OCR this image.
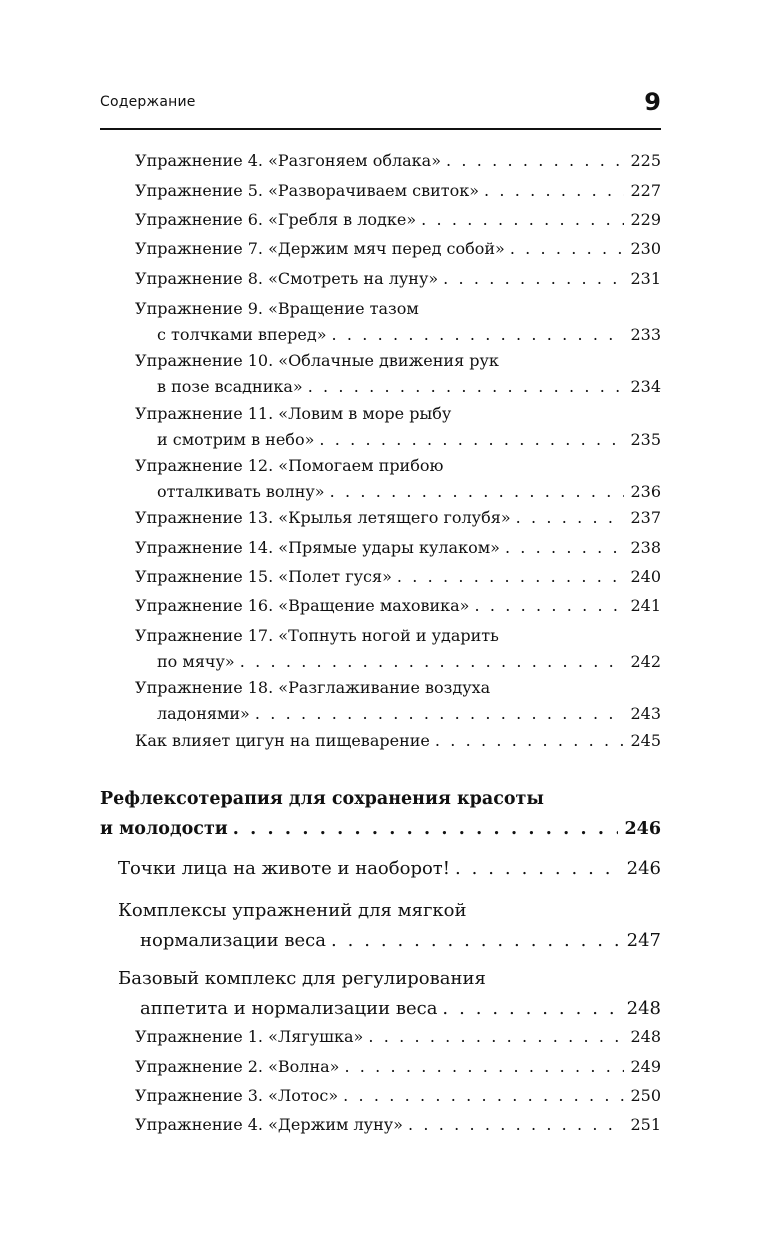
Содержание	9
Упражнение 4. «Разгоняем облака» . . .	225
Упражнение 5. «Разворачиваем свиток» . . .	227
Упражнение 6. «Гребля в лодке» . . .	229
Упражнение 7. «Держим мяч перед собой» . . .	230
Упражнение 8. «Смотреть на луну» . . .	231
Упражнение 9. «Вращение тазом
с толчками вперед» . . .	233
Упражнение 10. «Облачные движения рук
в позе всадника» . . .	234
Упражнение 11. «Ловим в море рыбу
и смотрим в небо» . . .	235
Упражнение 12. «Помогаем прибою
отталкивать волну» . . .	236
Упражнение 13. «Крылья летящего голубя» . . .	237
Упражнение 14. «Прямые удары кулаком» . . .	238
Упражнение 15. «Полет гуся» . . .	240
Упражнение 16. «Вращение маховика» . . .	241
Упражнение 17. «Топнуть ногой и ударить
по мячу» . . .	242
Упражнение 18. «Разглаживание воздуха
ладонями» . . .	243
Как влияет цигун на пищеварение . . .	245
Рефлексотерапия для сохранения красоты
и молодости . . .	246
Точки лица на животе и наоборот! . . .	246
Комплексы упражнений для мягкой
нормализации веса . . .	247
Базовый комплекс для регулирования
аппетита и нормализации веса . . .	248
Упражнение 1. «Лягушка» . . .	248
Упражнение 2. «Волна» . . .	249
Упражнение 3. «Лотос» . . .	250
Упражнение 4. «Держим луну» . . .	251
